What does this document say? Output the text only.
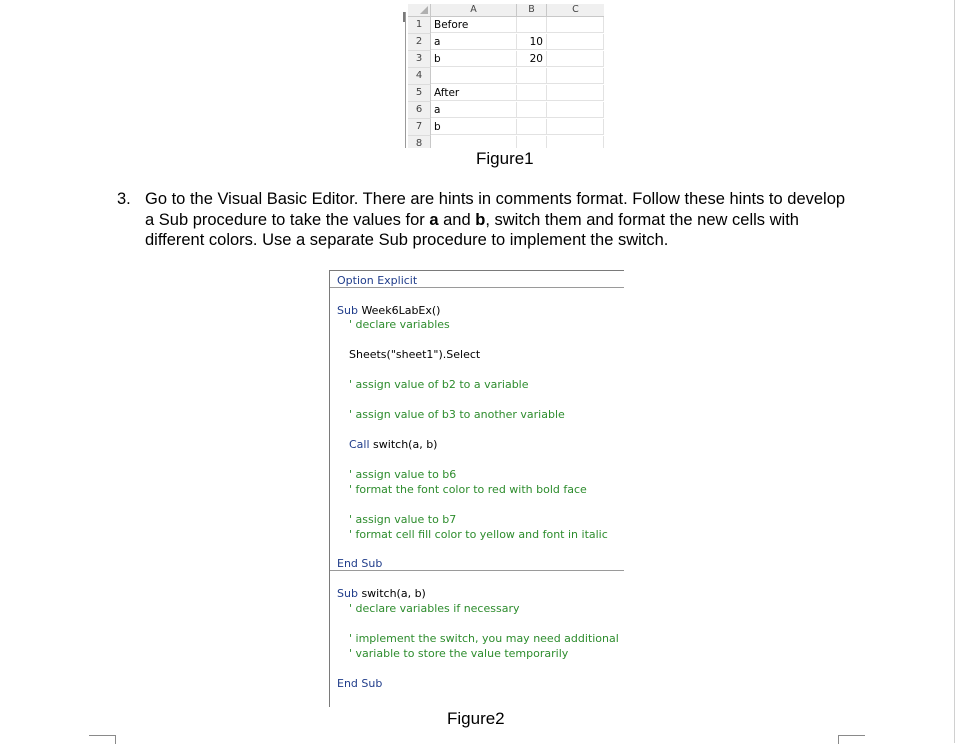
A	B	C
1	Before
2	a	10
3	b	20
4
5	After
6	a
7	b
8
Figure1
3. Go to the Visual Basic Editor. There are hints in comments format. Follow these hints to develop a Sub procedure to take the values for a and b, switch them and format the new cells with different colors. Use a separate Sub procedure to implement the switch.
Option Explicit
Sub Week6LabEx()
' declare variables
Sheets("sheet1").Select
' assign value of b2 to a variable
' assign value of b3 to another variable
Call switch(a, b)
' assign value to b6
' format the font color to red with bold face
' assign value to b7
' format cell fill color to yellow and font in italic
End Sub
Sub switch(a, b)
' declare variables if necessary
' implement the switch, you may need additional
' variable to store the value temporarily
End Sub
Figure2
